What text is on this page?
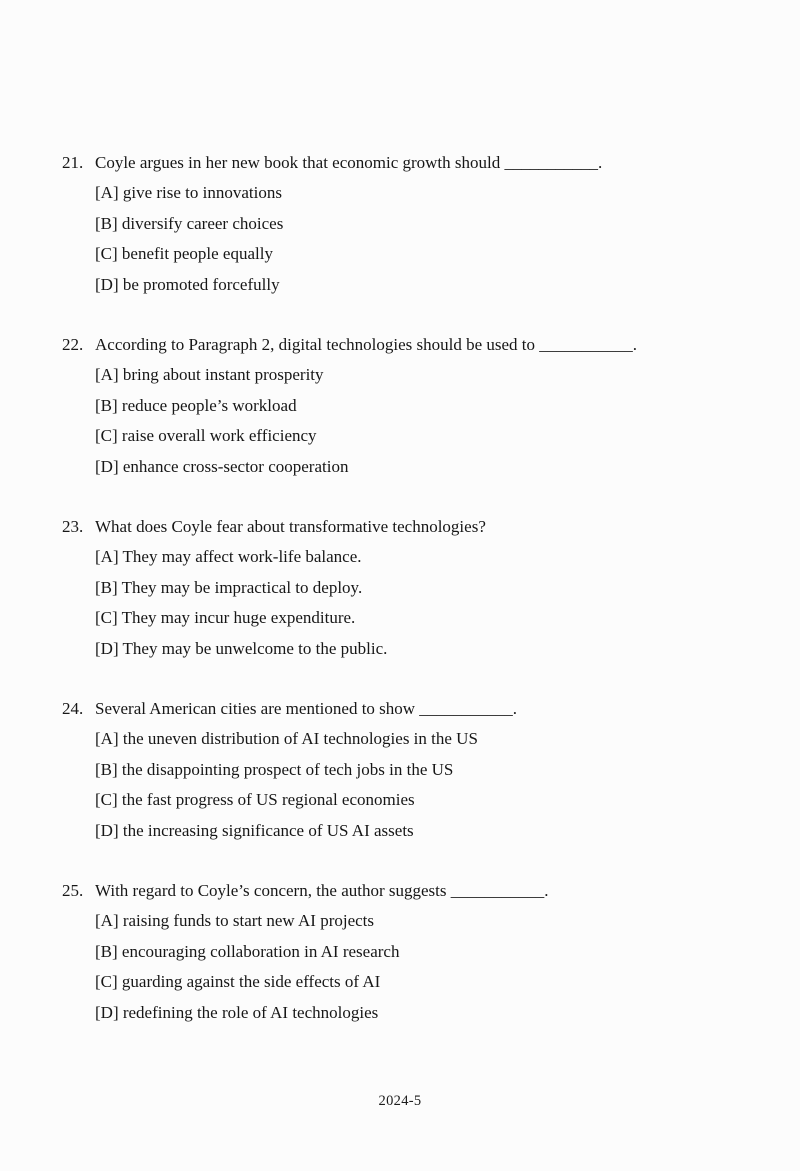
21. Coyle argues in her new book that economic growth should ___________.
[A] give rise to innovations
[B] diversify career choices
[C] benefit people equally
[D] be promoted forcefully
22. According to Paragraph 2, digital technologies should be used to ___________.
[A] bring about instant prosperity
[B] reduce people’s workload
[C] raise overall work efficiency
[D] enhance cross-sector cooperation
23. What does Coyle fear about transformative technologies?
[A] They may affect work-life balance.
[B] They may be impractical to deploy.
[C] They may incur huge expenditure.
[D] They may be unwelcome to the public.
24. Several American cities are mentioned to show ___________.
[A] the uneven distribution of AI technologies in the US
[B] the disappointing prospect of tech jobs in the US
[C] the fast progress of US regional economies
[D] the increasing significance of US AI assets
25. With regard to Coyle’s concern, the author suggests ___________.
[A] raising funds to start new AI projects
[B] encouraging collaboration in AI research
[C] guarding against the side effects of AI
[D] redefining the role of AI technologies
2024-5
